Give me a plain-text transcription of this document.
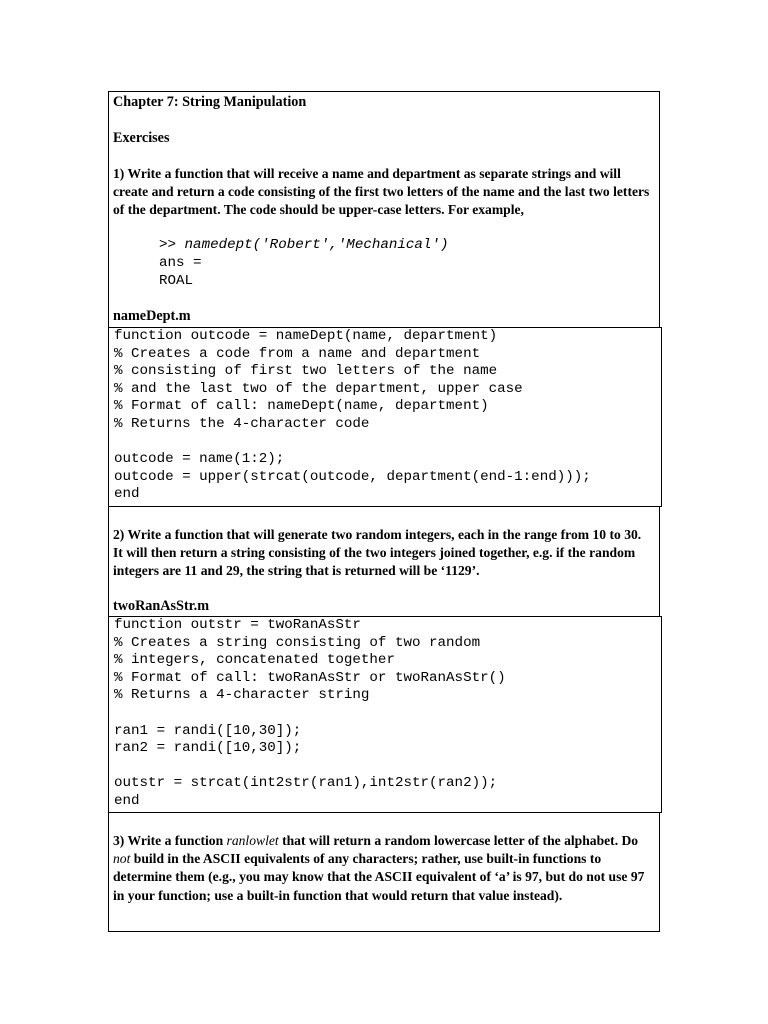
Chapter 7: String Manipulation
Exercises
1) Write a function that will receive a name and department as separate strings and will create and return a code consisting of the first two letters of the name and the last two letters of the department. The code should be upper-case letters. For example,
>> namedept('Robert','Mechanical')
ans =
ROAL
nameDept.m
function outcode = nameDept(name, department)
% Creates a code from a name and department
% consisting of first two letters of the name
% and the last two of the department, upper case
% Format of call: nameDept(name, department)
% Returns the 4-character code
outcode = name(1:2);
outcode = upper(strcat(outcode, department(end-1:end)));
end
2) Write a function that will generate two random integers, each in the range from 10 to 30. It will then return a string consisting of the two integers joined together, e.g. if the random integers are 11 and 29, the string that is returned will be ‘1129’.
twoRanAsStr.m
function outstr = twoRanAsStr
% Creates a string consisting of two random
% integers, concatenated together
% Format of call: twoRanAsStr or twoRanAsStr()
% Returns a 4-character string
ran1 = randi([10,30]);
ran2 = randi([10,30]);
outstr = strcat(int2str(ran1),int2str(ran2));
end
3) Write a function ranlowlet that will return a random lowercase letter of the alphabet. Do not build in the ASCII equivalents of any characters; rather, use built-in functions to determine them (e.g., you may know that the ASCII equivalent of ‘a’ is 97, but do not use 97 in your function; use a built-in function that would return that value instead).
